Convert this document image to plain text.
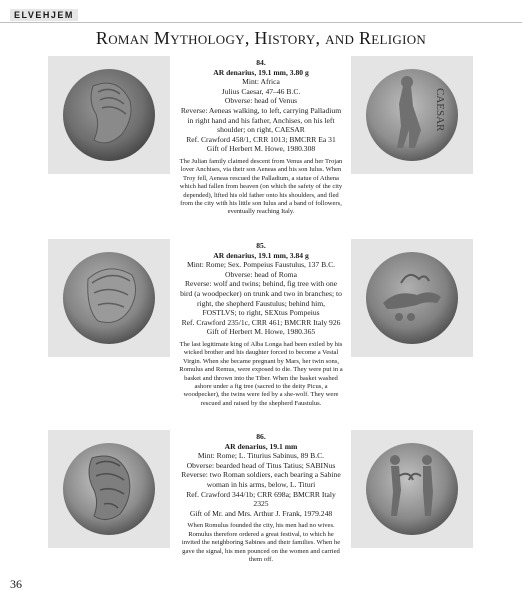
ELVEHJEM
Roman Mythology, History, and Religion
84.
AR denarius, 19.1 mm, 3.80 g
Mint: Africa
Julius Caesar, 47–46 B.C.
Obverse: head of Venus
Reverse: Aeneas walking, to left, carrying Palladium in right hand and his father, Anchises, on his left shoulder; on right, CAESAR
Ref. Crawford 458/1, CRR 1013; BMCRR Ea 31
Gift of Herbert M. Howe, 1980.308
The Julian family claimed descent from Venus and her Trojan lover Anchises, via their son Aeneas and his son Iulus. When Troy fell, Aeneas rescued the Palladium, a statue of Athena which had fallen from heaven (on which the safety of the city depended), lifted his old father onto his shoulders, and fled from the city with his little son Iulus and a band of followers, eventually reaching Italy.
CAESAR
85.
AR denarius, 19.1 mm, 3.84 g
Mint: Rome; Sex. Pompeius Faustulus, 137 B.C.
Obverse: head of Roma
Reverse: wolf and twins; behind, fig tree with one bird (a woodpecker) on trunk and two in branches; to right, the shepherd Faustulus; behind him, FOSTLVS; to right, SEXtus Pompeius
Ref. Crawford 235/1c, CRR 461; BMCRR Italy 926
Gift of Herbert M. Howe, 1980.365
The last legitimate king of Alba Longa had been exiled by his wicked brother and his daughter forced to become a Vestal Virgin. When she became pregnant by Mars, her twin sons, Romulus and Remus, were exposed to die. They were put in a basket and thrown into the Tiber. When the basket washed ashore under a fig tree (sacred to the deity Picus, a woodpecker), the twins were fed by a she-wolf. They were rescued and raised by the shepherd Faustulus.
86.
AR denarius, 19.1 mm
Mint: Rome; L. Titurius Sabinus, 89 B.C.
Obverse: bearded head of Titus Tatius; SABINus
Reverse: two Roman soldiers, each bearing a Sabine woman in his arms, below, L. Tituri
Ref. Crawford 344/1b; CRR 698a; BMCRR Italy 2325
Gift of Mr. and Mrs. Arthur J. Frank, 1979.248
When Romulus founded the city, his men had no wives. Romulus therefore ordered a great festival, to which he invited the neighboring Sabines and their families. When he gave the signal, his men pounced on the women and carried them off.
36
